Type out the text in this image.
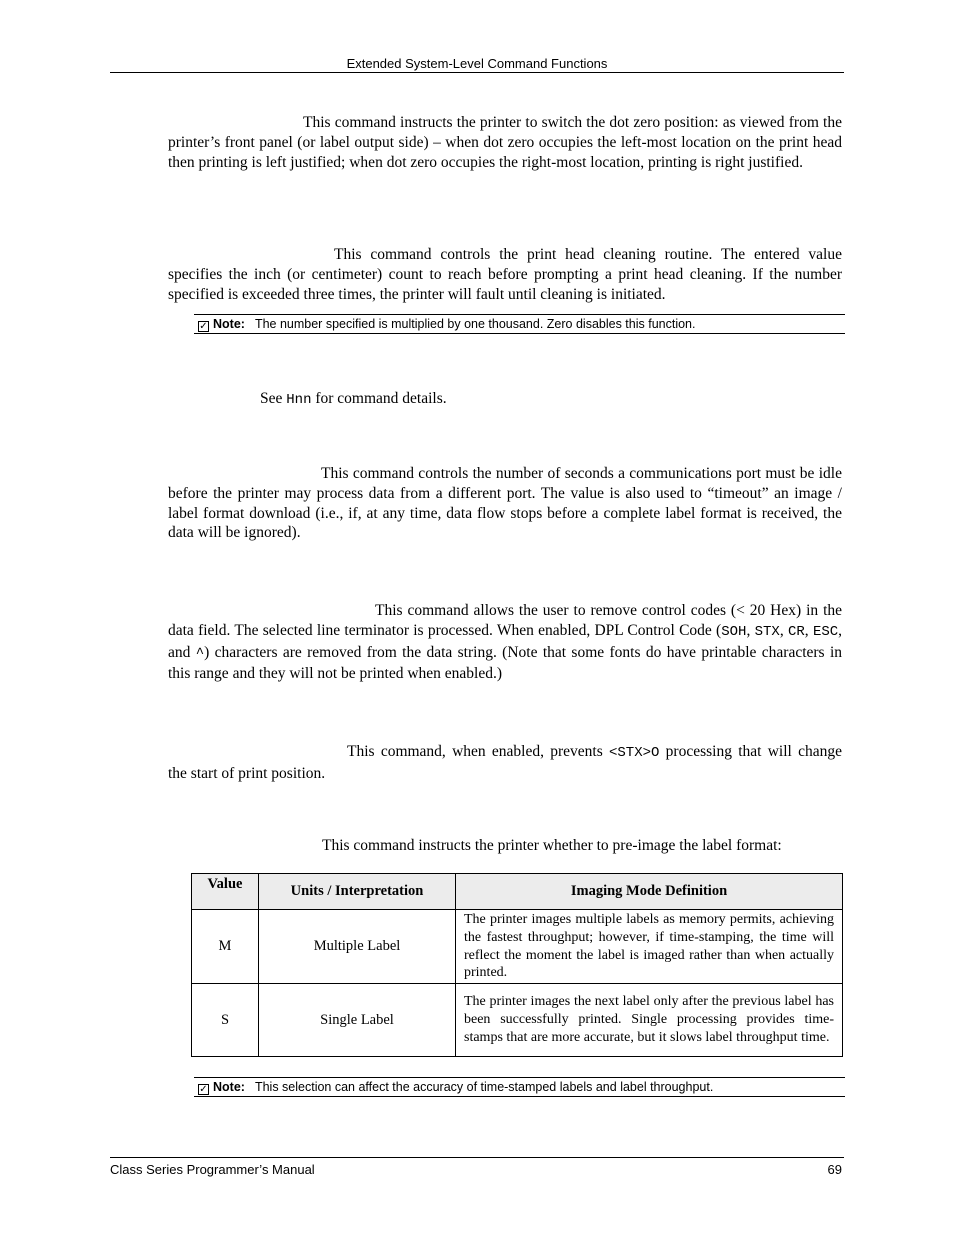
Extended System-Level Command Functions
This command instructs the printer to switch the dot zero position: as viewed from the printer’s front panel (or label output side) – when dot zero occupies the left-most location on the print head then printing is left justified; when dot zero occupies the right-most location, printing is right justified.
This command controls the print head cleaning routine. The entered value specifies the inch (or centimeter) count to reach before prompting a print head cleaning. If the number specified is exceeded three times, the printer will fault until cleaning is initiated.
✓ Note: The number specified is multiplied by one thousand. Zero disables this function.
See Hnn for command details.
This command controls the number of seconds a communications port must be idle before the printer may process data from a different port. The value is also used to “timeout” an image / label format download (i.e., if, at any time, data flow stops before a complete label format is received, the data will be ignored).
This command allows the user to remove control codes (< 20 Hex) in the data field. The selected line terminator is processed. When enabled, DPL Control Code (SOH, STX, CR, ESC, and ^) characters are removed from the data string. (Note that some fonts do have printable characters in this range and they will not be printed when enabled.)
This command, when enabled, prevents <STX>O processing that will change the start of print position.
This command instructs the printer whether to pre-image the label format:
Value	Units / Interpretation	Imaging Mode Definition
M	Multiple Label	The printer images multiple labels as memory permits, achieving the fastest throughput; however, if time-stamping, the time will reflect the moment the label is imaged rather than when actually printed.
S	Single Label	The printer images the next label only after the previous label has been successfully printed. Single processing provides time-stamps that are more accurate, but it slows label throughput time.
✓ Note: This selection can affect the accuracy of time-stamped labels and label throughput.
Class Series Programmer’s Manual	69
